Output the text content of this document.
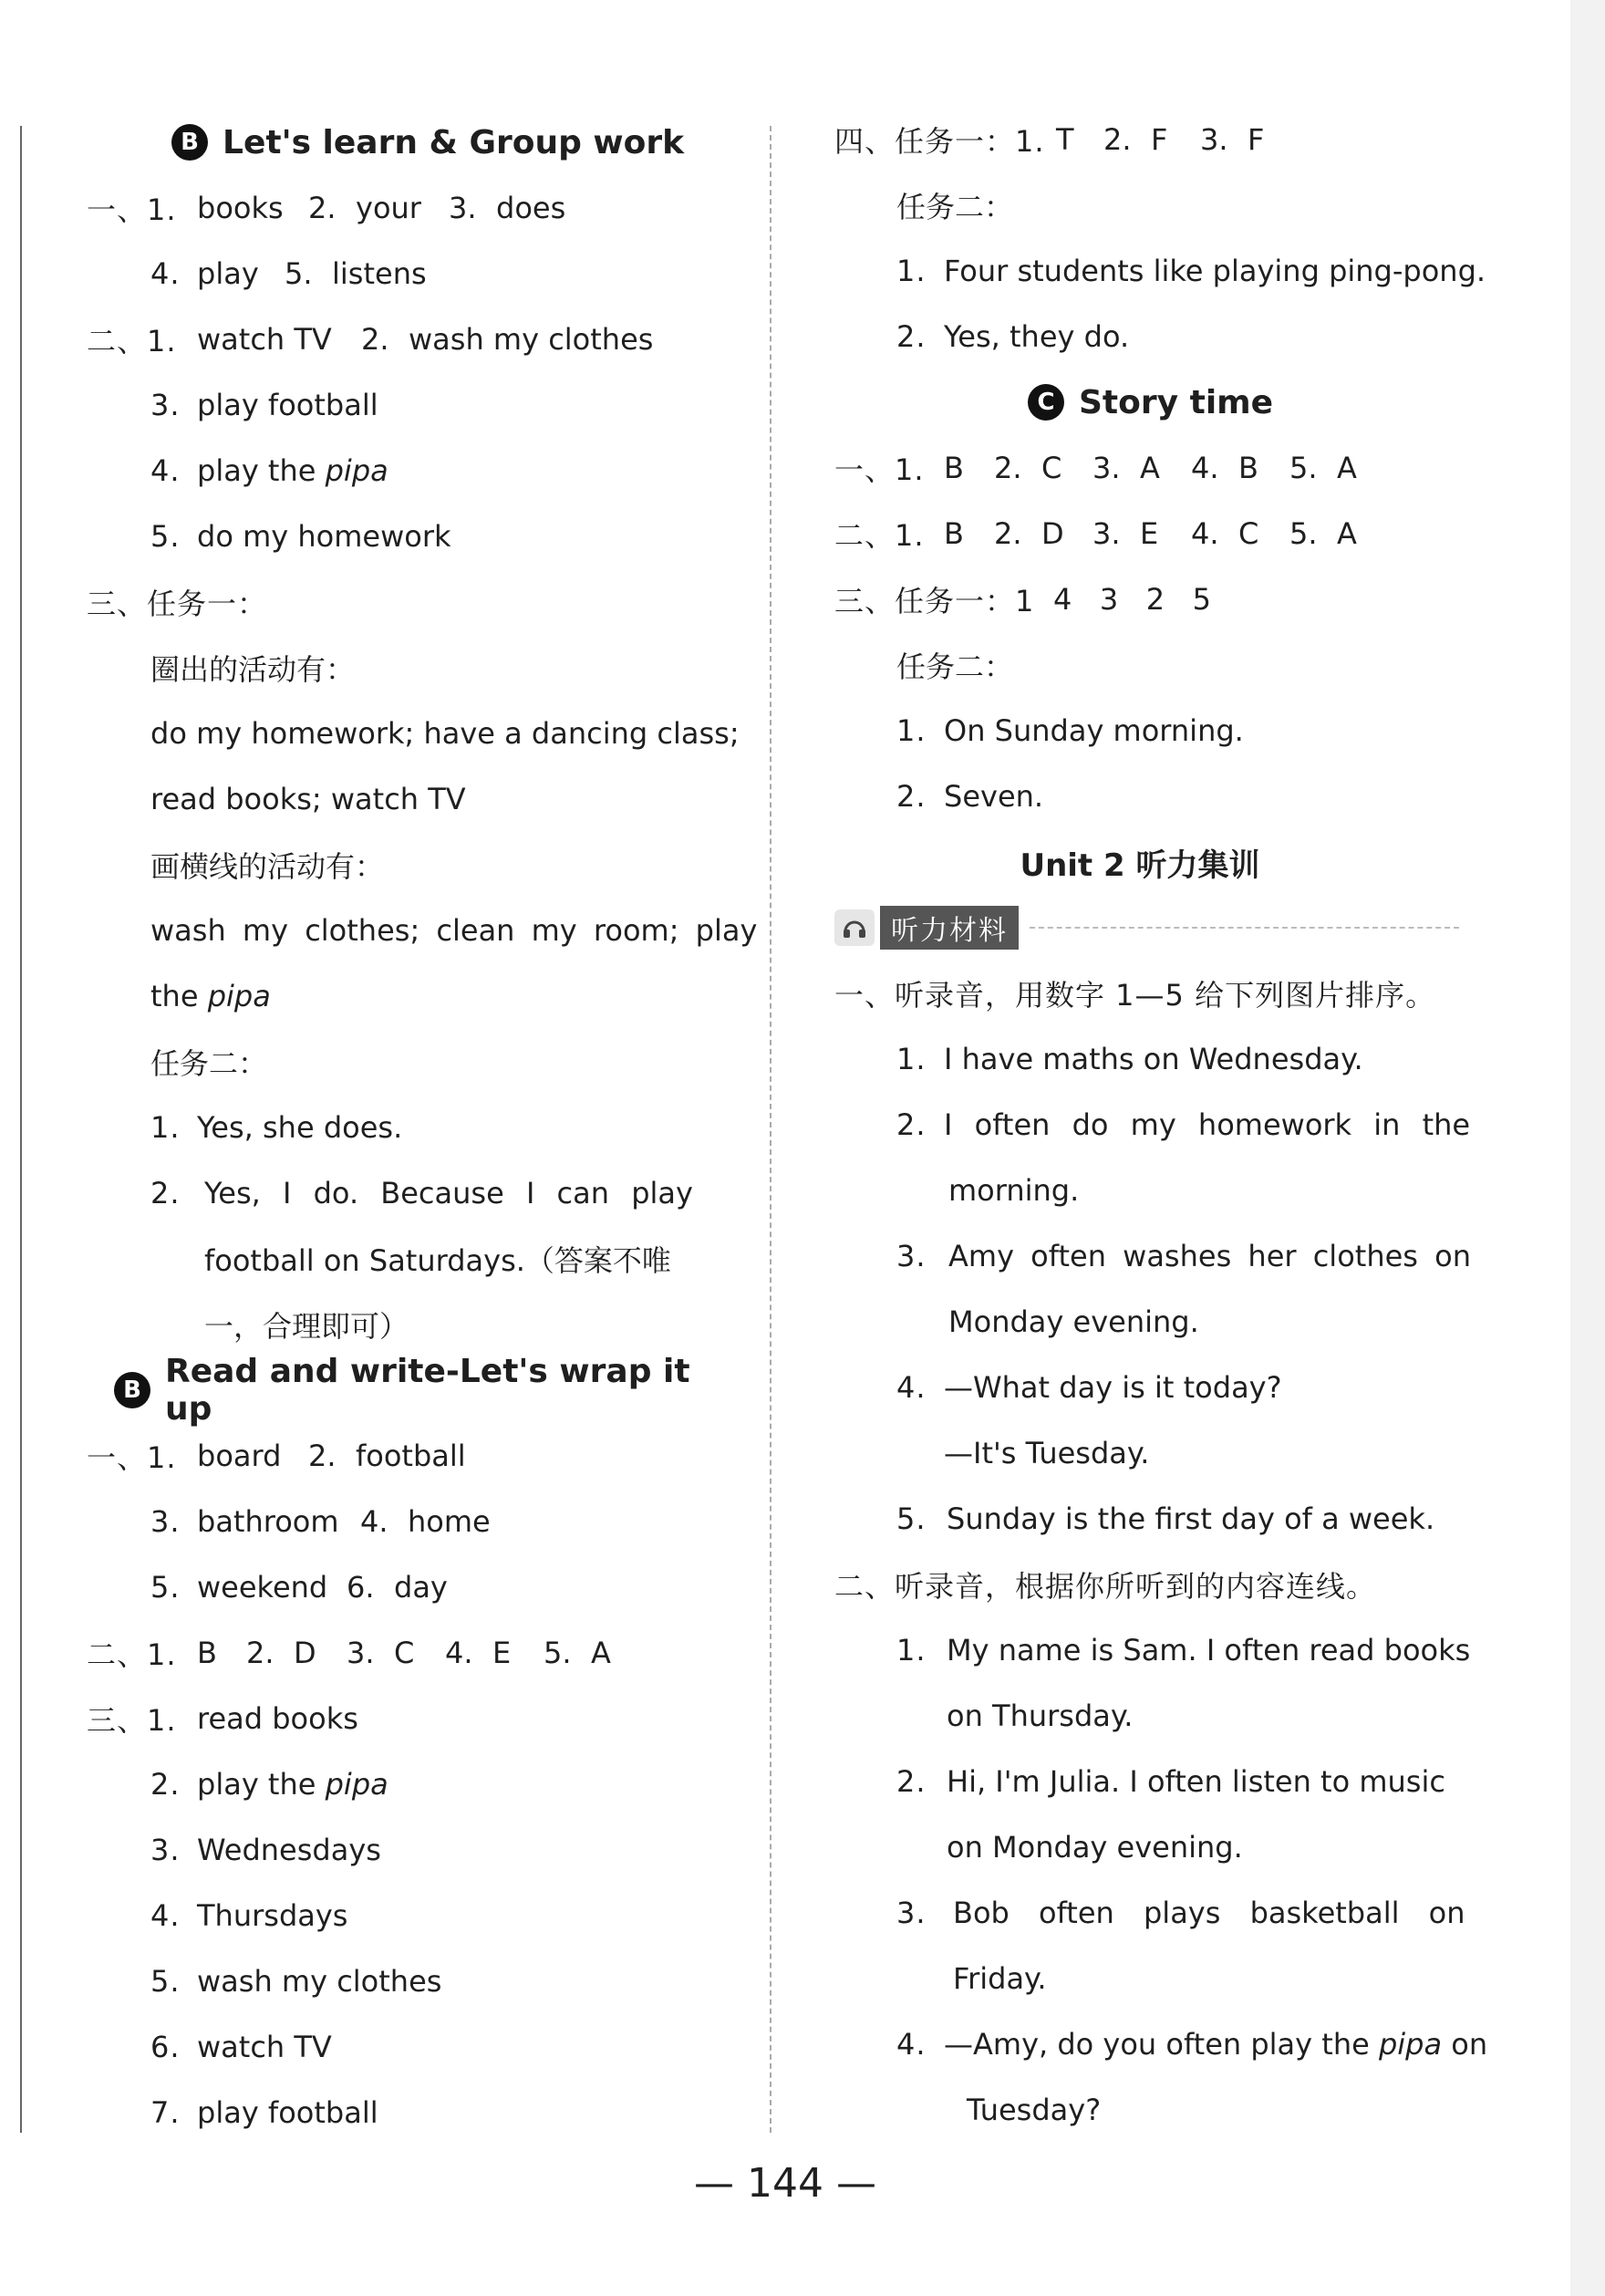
B Let's learn & Group work
一、1. books 2. your 3. does
4. play 5. listens
二、1. watch TV 2. wash my clothes
3. play football
4. play the pipa
5. do my homework
三、任务一：
圈出的活动有：
do my homework; have a dancing class;
read books; watch TV
画横线的活动有：
wash my clothes; clean my room; play
the pipa
任务二：
1. Yes, she does.
2. Yes, I do. Because I can play
football on Saturdays.（答案不唯
一，合理即可）
B Read and write-Let's wrap it up
一、1. board 2. football
3. bathroom 4. home
5. weekend 6. day
二、1. B 2. D 3. C 4. E 5. A
三、1. read books
2. play the pipa
3. Wednesdays
4. Thursdays
5. wash my clothes
6. watch TV
7. play football
四、任务一：1. T 2. F 3. F
任务二：
1. Four students like playing ping-pong.
2. Yes, they do.
C Story time
一、1. B 2. C 3. A 4. B 5. A
二、1. B 2. D 3. E 4. C 5. A
三、任务一：1 4   3   2   5
任务二：
1. On Sunday morning.
2. Seven.
Unit 2 听力集训
听力材料
一、听录音，用数字 1—5 给下列图片排序。
1. I have maths on Wednesday.
2. I often do my homework in the
morning.
3. Amy often washes her clothes on
Monday evening.
4. —What day is it today?
—It's Tuesday.
5. Sunday is the first day of a week.
二、听录音，根据你所听到的内容连线。
1. My name is Sam. I often read books
on Thursday.
2. Hi, I'm Julia. I often listen to music
on Monday evening.
3. Bob often plays basketball on
Friday.
4. —Amy, do you often play the pipa on
Tuesday?
— 144 —
